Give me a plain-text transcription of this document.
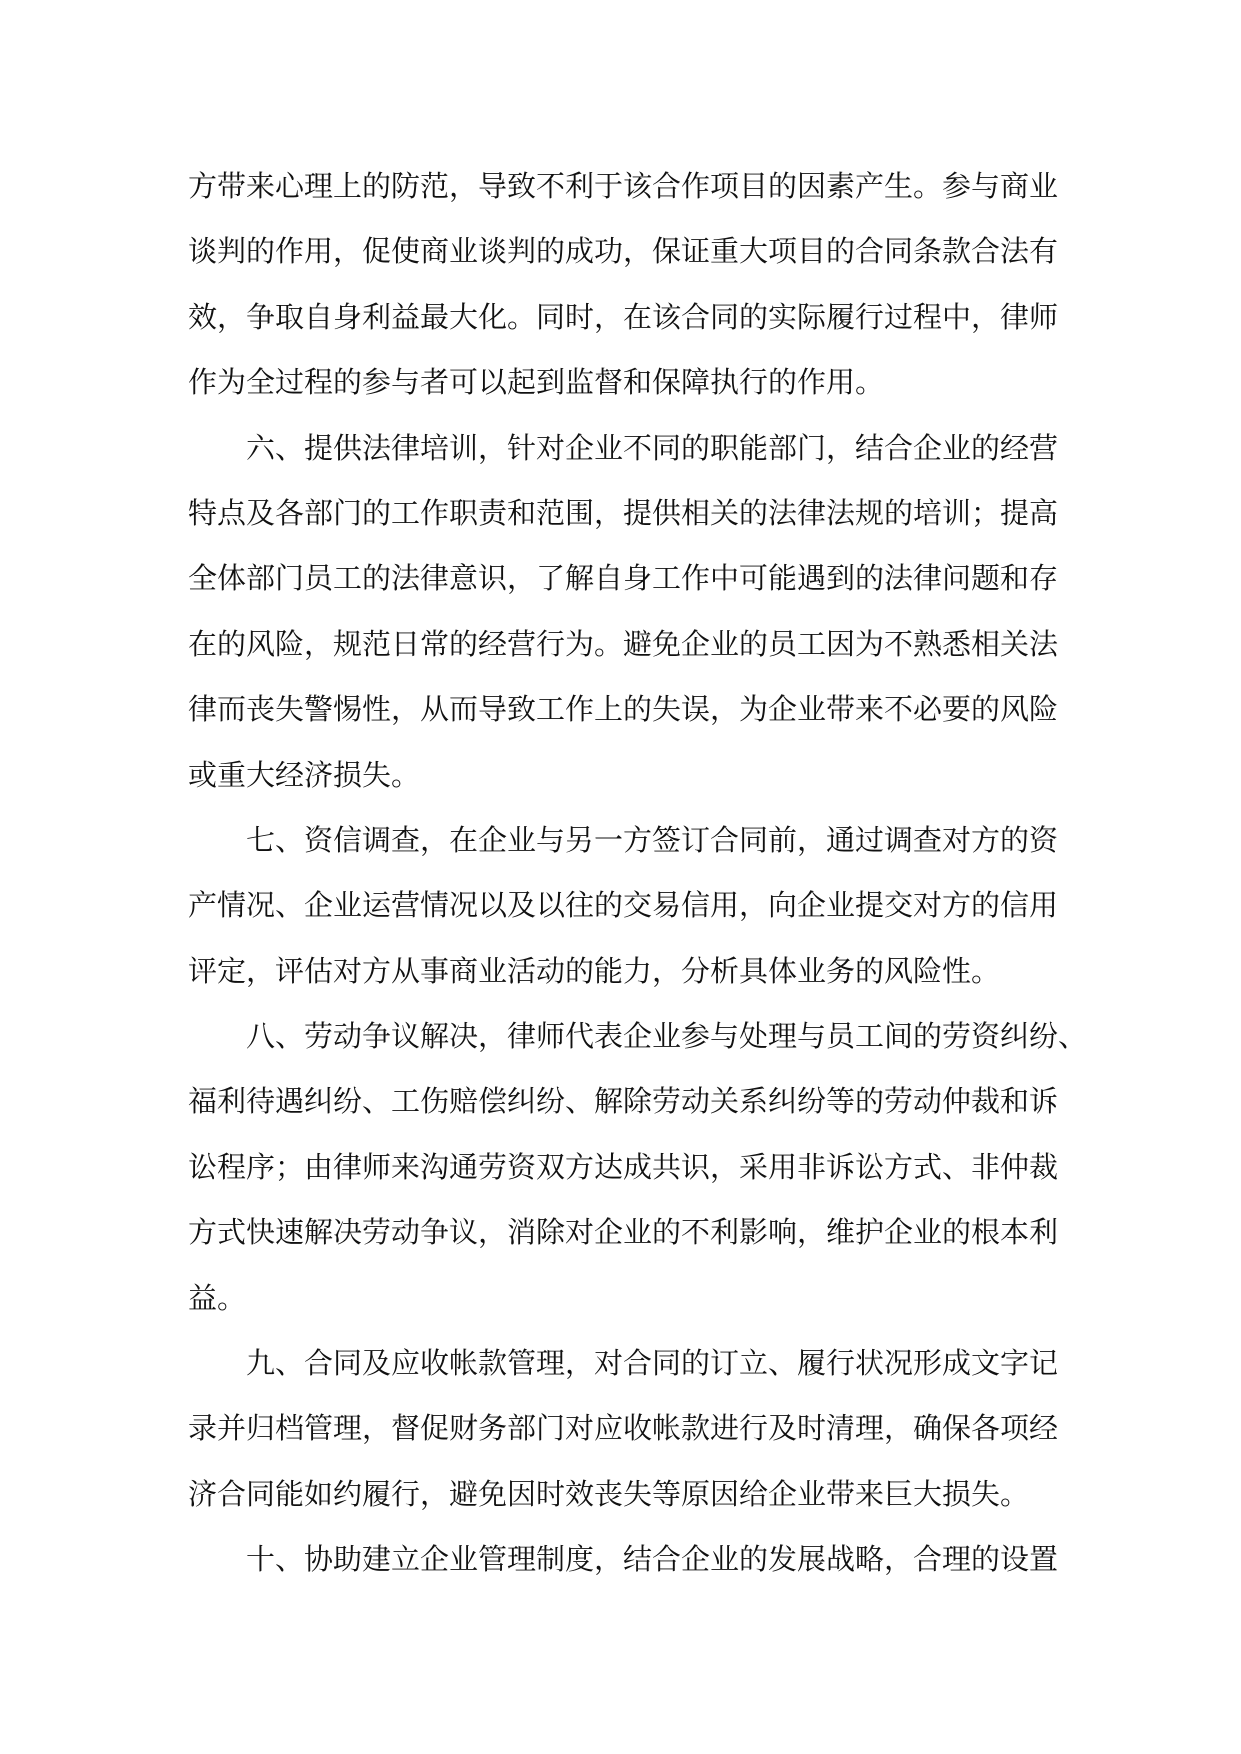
方带来心理上的防范，导致不利于该合作项目的因素产生。参与商业
谈判的作用，促使商业谈判的成功，保证重大项目的合同条款合法有
效，争取自身利益最大化。同时，在该合同的实际履行过程中，律师
作为全过程的参与者可以起到监督和保障执行的作用。
　　六、提供法律培训，针对企业不同的职能部门，结合企业的经营
特点及各部门的工作职责和范围，提供相关的法律法规的培训；提高
全体部门员工的法律意识，了解自身工作中可能遇到的法律问题和存
在的风险，规范日常的经营行为。避免企业的员工因为不熟悉相关法
律而丧失警惕性，从而导致工作上的失误，为企业带来不必要的风险
或重大经济损失。
　　七、资信调查，在企业与另一方签订合同前，通过调查对方的资
产情况、企业运营情况以及以往的交易信用，向企业提交对方的信用
评定，评估对方从事商业活动的能力，分析具体业务的风险性。
　　八、劳动争议解决，律师代表企业参与处理与员工间的劳资纠纷、
福利待遇纠纷、工伤赔偿纠纷、解除劳动关系纠纷等的劳动仲裁和诉
讼程序；由律师来沟通劳资双方达成共识，采用非诉讼方式、非仲裁
方式快速解决劳动争议，消除对企业的不利影响，维护企业的根本利
益。
　　九、合同及应收帐款管理，对合同的订立、履行状况形成文字记
录并归档管理，督促财务部门对应收帐款进行及时清理，确保各项经
济合同能如约履行，避免因时效丧失等原因给企业带来巨大损失。
　　十、协助建立企业管理制度，结合企业的发展战略，合理的设置
